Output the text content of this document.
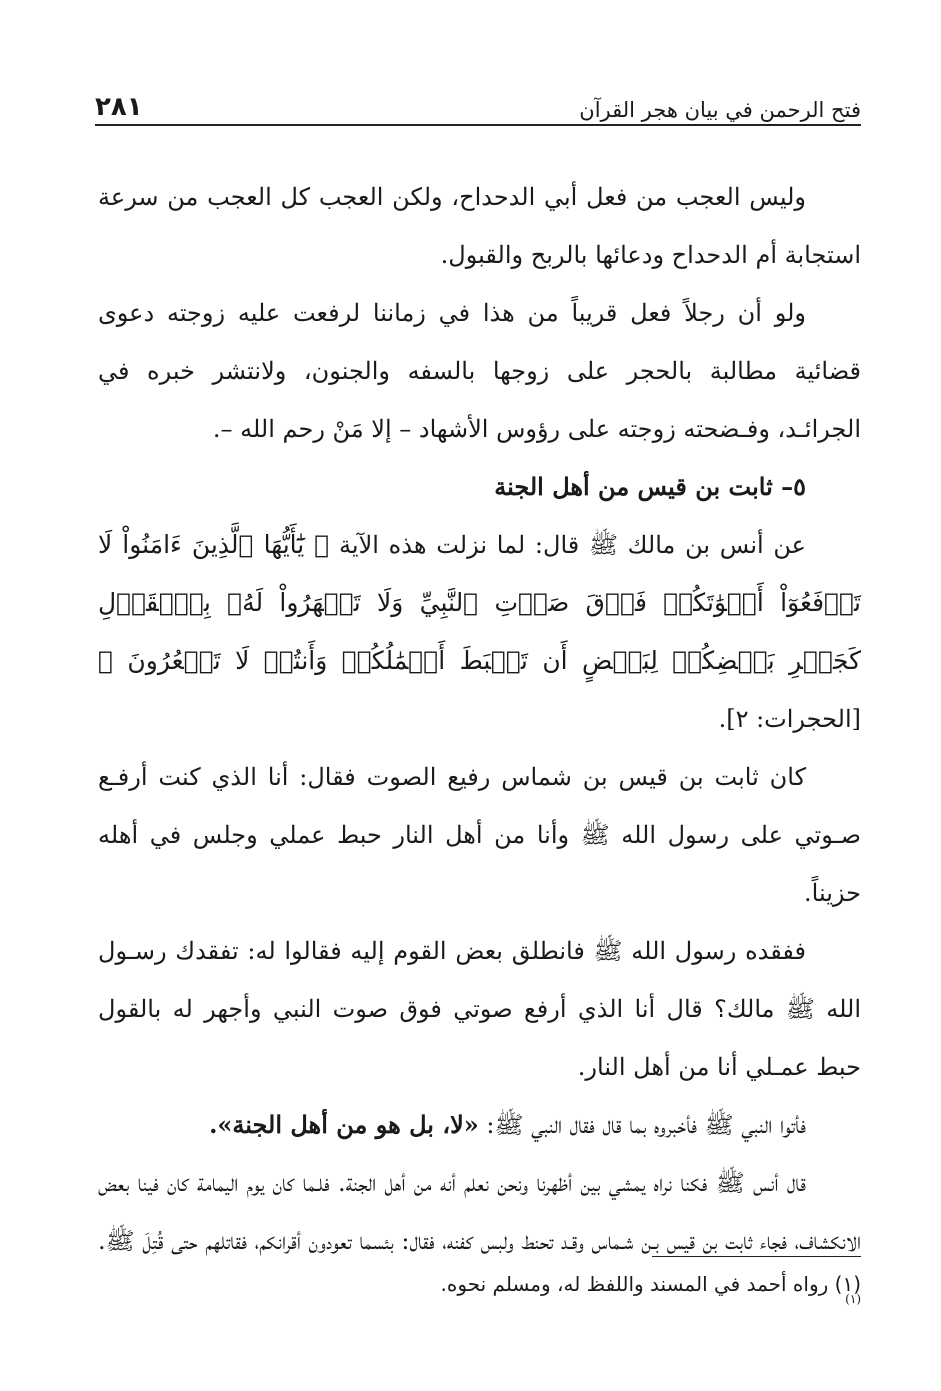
فتح الرحمن في بيان هجر القرآن
٢٨١

وليس العجب من فعل أبي الدحداح، ولكن العجب كل العجب من سرعة استجابة أم الدحداح ودعائها بالربح والقبول.

ولو أن رجلاً فعل قريباً من هذا في زماننا لرفعت عليه زوجته دعوى قضائية مطالبة بالحجر على زوجها بالسفه والجنون، ولانتشر خبره في الجرائـد، وفـضحته زوجته على رؤوس الأشهاد – إلا مَنْ رحم الله –.

٥– ثابت بن قيس من أهل الجنة

عن أنس بن مالك ﷺ قال: لما نزلت هذه الآية ﴿ يَٰٓأَيُّهَا ٱلَّذِينَ ءَامَنُواْ لَا تَرۡفَعُوٓاْ أَصۡوَٰتَكُمۡ فَوۡقَ صَوۡتِ ٱلنَّبِيِّ وَلَا تَجۡهَرُواْ لَهُۥ بِٱلۡقَوۡلِ كَجَهۡرِ بَعۡضِكُمۡ لِبَعۡضٍ أَن تَحۡبَطَ أَعۡمَٰلُكُمۡ وَأَنتُمۡ لَا تَشۡعُرُونَ ﴾ [الحجرات: ٢].

كان ثابت بن قيس بن شماس رفيع الصوت فقال: أنا الذي كنت أرفـع صـوتي على رسول الله ﷺ وأنا من أهل النار حبط عملي وجلس في أهله حزيناً.

ففقده رسول الله ﷺ فانطلق بعض القوم إليه فقالوا له: تفقدك رسـول الله ﷺ مالك؟ قال أنا الذي أرفع صوتي فوق صوت النبي وأجهر له بالقول حبط عمـلي أنا من أهل النار.

فأتوا النبي ﷺ فأخبروه بما قال فقال النبي ﷺ: «لا، بل هو من أهل الجنة».

قال أنس ﷺ فكنا نراه يمشي بين أظهرنا ونحن نعلم أنه من أهل الجنة. فلـما كان يوم اليمامة كان فينا بعض الانكشاف، فجاء ثابت بن قيس بـن شـماس وقـد تحنط ولبس كفنه، فقال: بئسما تعودون أقرانكم، فقاتلهم حتى قُتِلَ ﷺ.$^{(١)}$

(١) رواه أحمد في المسند واللفظ له، ومسلم نحوه.
